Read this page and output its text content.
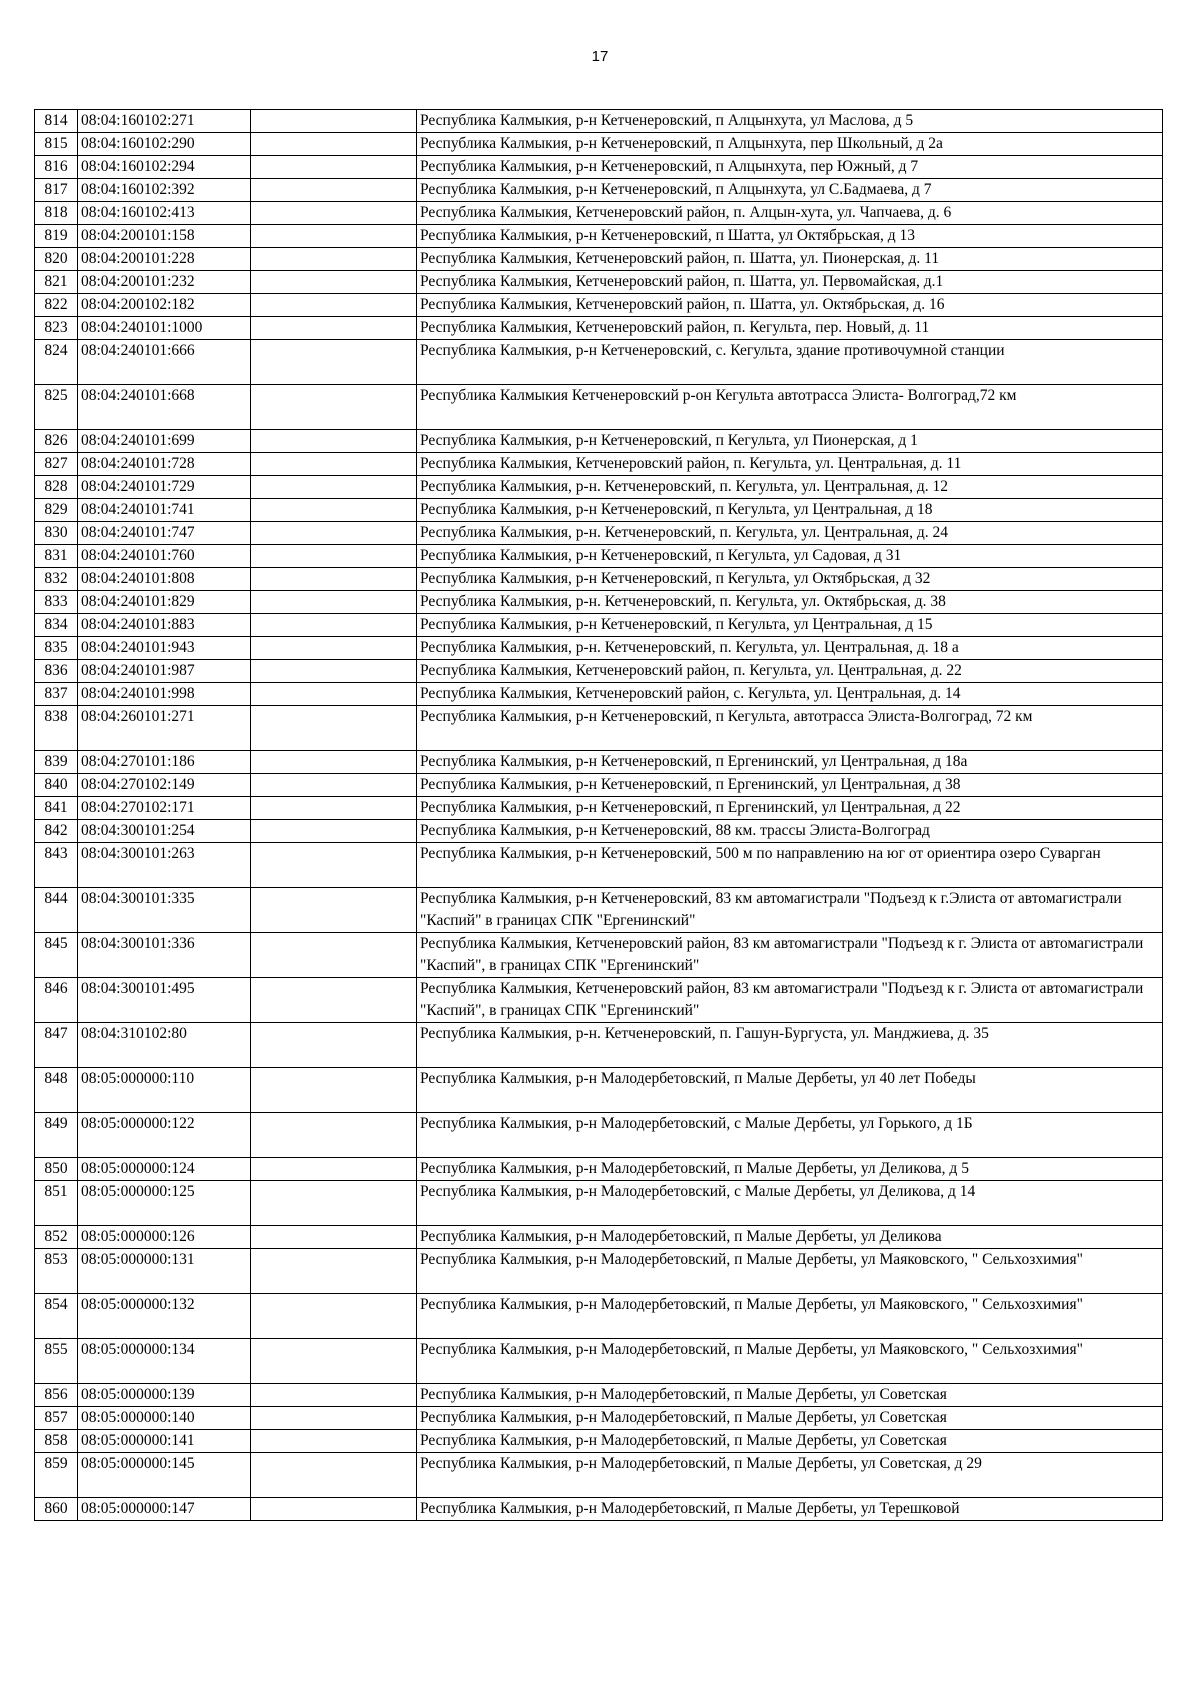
17
814	08:04:160102:271		Республика Калмыкия, р-н Кетченеровский, п Алцынхута, ул Маслова, д 5
815	08:04:160102:290		Республика Калмыкия, р-н Кетченеровский, п Алцынхута, пер Школьный, д 2а
816	08:04:160102:294		Республика Калмыкия, р-н Кетченеровский, п Алцынхута, пер Южный, д 7
817	08:04:160102:392		Республика Калмыкия, р-н Кетченеровский, п Алцынхута, ул С.Бадмаева, д 7
818	08:04:160102:413		Республика Калмыкия, Кетченеровский район, п. Алцын-хута, ул. Чапчаева, д. 6
819	08:04:200101:158		Республика Калмыкия, р-н Кетченеровский, п Шатта, ул Октябрьская, д 13
820	08:04:200101:228		Республика Калмыкия, Кетченеровский район, п. Шатта, ул. Пионерская, д. 11
821	08:04:200101:232		Республика Калмыкия, Кетченеровский район, п. Шатта, ул. Первомайская, д.1
822	08:04:200102:182		Республика Калмыкия, Кетченеровский район, п. Шатта, ул. Октябрьская, д. 16
823	08:04:240101:1000		Республика Калмыкия, Кетченеровский район, п. Кегульта, пер. Новый, д. 11
824	08:04:240101:666		Республика Калмыкия, р-н Кетченеровский, с. Кегульта, здание противочумной станции
825	08:04:240101:668		Республика Калмыкия Кетченеровский р-он Кегульта автотрасса Элиста- Волгоград,72 км
826	08:04:240101:699		Республика Калмыкия, р-н Кетченеровский, п Кегульта, ул Пионерская, д 1
827	08:04:240101:728		Республика Калмыкия, Кетченеровский район, п. Кегульта, ул. Центральная, д. 11
828	08:04:240101:729		Республика Калмыкия, р-н. Кетченеровский, п. Кегульта, ул. Центральная, д. 12
829	08:04:240101:741		Республика Калмыкия, р-н Кетченеровский, п Кегульта, ул Центральная, д 18
830	08:04:240101:747		Республика Калмыкия, р-н. Кетченеровский, п. Кегульта, ул. Центральная, д. 24
831	08:04:240101:760		Республика Калмыкия, р-н Кетченеровский, п Кегульта, ул Садовая, д 31
832	08:04:240101:808		Республика Калмыкия, р-н Кетченеровский, п Кегульта, ул Октябрьская, д 32
833	08:04:240101:829		Республика Калмыкия, р-н. Кетченеровский, п. Кегульта, ул. Октябрьская, д. 38
834	08:04:240101:883		Республика Калмыкия, р-н Кетченеровский, п Кегульта, ул Центральная, д 15
835	08:04:240101:943		Республика Калмыкия, р-н. Кетченеровский, п. Кегульта, ул. Центральная, д. 18 а
836	08:04:240101:987		Республика Калмыкия, Кетченеровский район, п. Кегульта, ул. Центральная, д. 22
837	08:04:240101:998		Республика Калмыкия, Кетченеровский район, с. Кегульта, ул. Центральная, д. 14
838	08:04:260101:271		Республика Калмыкия, р-н Кетченеровский, п Кегульта, автотрасса Элиста-Волгоград, 72 км
839	08:04:270101:186		Республика Калмыкия, р-н Кетченеровский, п Ергенинский, ул Центральная, д 18а
840	08:04:270102:149		Республика Калмыкия, р-н Кетченеровский, п Ергенинский, ул Центральная, д 38
841	08:04:270102:171		Республика Калмыкия, р-н Кетченеровский, п Ергенинский, ул Центральная, д 22
842	08:04:300101:254		Республика Калмыкия, р-н Кетченеровский, 88 км. трассы Элиста-Волгоград
843	08:04:300101:263		Республика Калмыкия, р-н Кетченеровский, 500 м по направлению на юг от ориентира озеро Суварган
844	08:04:300101:335		Республика Калмыкия, р-н Кетченеровский, 83 км автомагистрали "Подъезд к г.Элиста от автомагистрали "Каспий" в границах СПК "Ергенинский"
845	08:04:300101:336		Республика Калмыкия, Кетченеровский район, 83 км автомагистрали "Подъезд к г. Элиста от автомагистрали "Каспий", в границах СПК "Ергенинский"
846	08:04:300101:495		Республика Калмыкия, Кетченеровский район, 83 км автомагистрали "Подъезд к г. Элиста от автомагистрали "Каспий", в границах СПК "Ергенинский"
847	08:04:310102:80		Республика Калмыкия, р-н. Кетченеровский, п. Гашун-Бургуста, ул. Манджиева, д. 35
848	08:05:000000:110		Республика Калмыкия, р-н Малодербетовский, п Малые Дербеты, ул 40 лет Победы
849	08:05:000000:122		Республика Калмыкия, р-н Малодербетовский, с Малые Дербеты, ул Горького, д 1Б
850	08:05:000000:124		Республика Калмыкия, р-н Малодербетовский, п Малые Дербеты, ул Деликова, д 5
851	08:05:000000:125		Республика Калмыкия, р-н Малодербетовский, с Малые Дербеты, ул Деликова, д 14
852	08:05:000000:126		Республика Калмыкия, р-н Малодербетовский, п Малые Дербеты, ул Деликова
853	08:05:000000:131		Республика Калмыкия, р-н Малодербетовский, п Малые Дербеты, ул Маяковского, " Сельхозхимия"
854	08:05:000000:132		Республика Калмыкия, р-н Малодербетовский, п Малые Дербеты, ул Маяковского, " Сельхозхимия"
855	08:05:000000:134		Республика Калмыкия, р-н Малодербетовский, п Малые Дербеты, ул Маяковского, " Сельхозхимия"
856	08:05:000000:139		Республика Калмыкия, р-н Малодербетовский, п Малые Дербеты, ул Советская
857	08:05:000000:140		Республика Калмыкия, р-н Малодербетовский, п Малые Дербеты, ул Советская
858	08:05:000000:141		Республика Калмыкия, р-н Малодербетовский, п Малые Дербеты, ул Советская
859	08:05:000000:145		Республика Калмыкия, р-н Малодербетовский, п Малые Дербеты, ул Советская, д 29
860	08:05:000000:147		Республика Калмыкия, р-н Малодербетовский, п Малые Дербеты, ул Терешковой
